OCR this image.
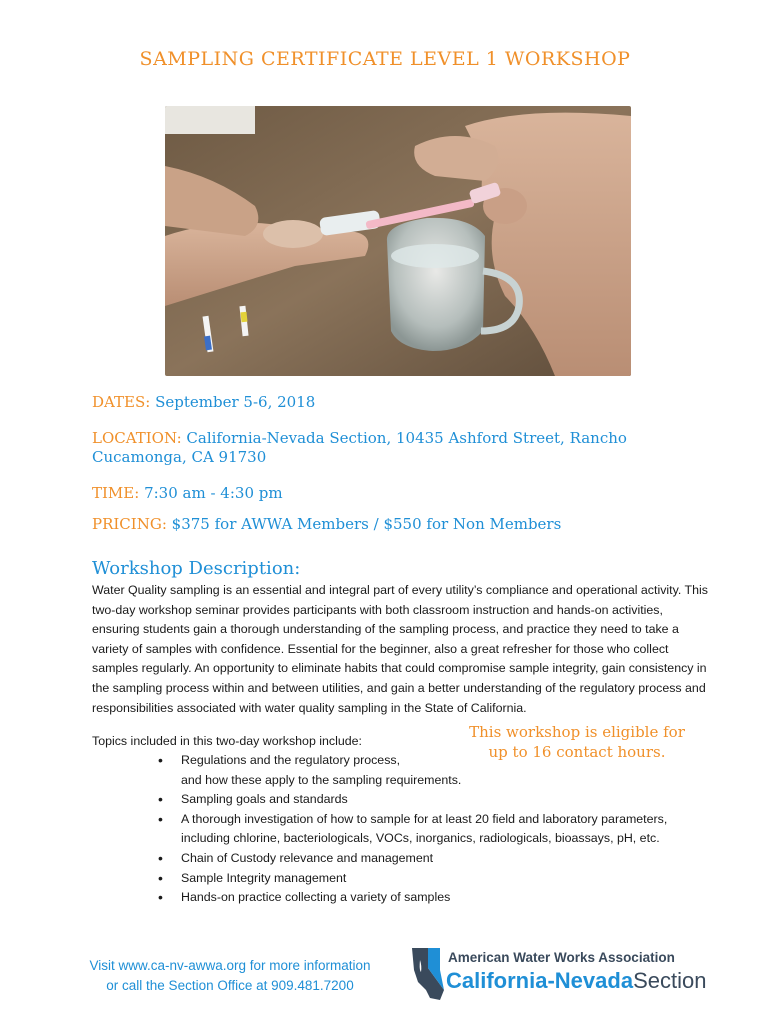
SAMPLING CERTIFICATE LEVEL 1 WORKSHOP
DATES: September 5-6, 2018
LOCATION: California-Nevada Section, 10435 Ashford Street, Rancho
Cucamonga, CA 91730
TIME: 7:30 am - 4:30 pm
PRICING: $375 for AWWA Members / $550 for Non Members
Workshop Description:

Water Quality sampling is an essential and integral part of every utility’s compliance and operational activity. This two-day workshop seminar provides participants with both classroom instruction and hands-on activities, ensuring students gain a thorough understanding of the sampling process, and practice they need to take a variety of samples with confidence. Essential for the beginner, also a great refresher for those who collect samples regularly. An opportunity to eliminate habits that could compromise sample integrity, gain consistency in the sampling process within and between utilities, and gain a better understanding of the regulatory process and responsibilities associated with water quality sampling in the State of California.

This workshop is eligible for
up to 16 contact hours.
Topics included in this two-day workshop include:
• Regulations and the regulatory process,
and how these apply to the sampling requirements.
• Sampling goals and standards
• A thorough investigation of how to sample for at least 20 field and laboratory parameters, including chlorine, bacteriologicals, VOCs, inorganics, radiologicals, bioassays, pH, etc.
• Chain of Custody relevance and management
• Sample Integrity management
• Hands-on practice collecting a variety of samples
Visit www.ca-nv-awwa.org for more information
or call the Section Office at 909.481.7200
American Water Works Association
California-NevadaSection
